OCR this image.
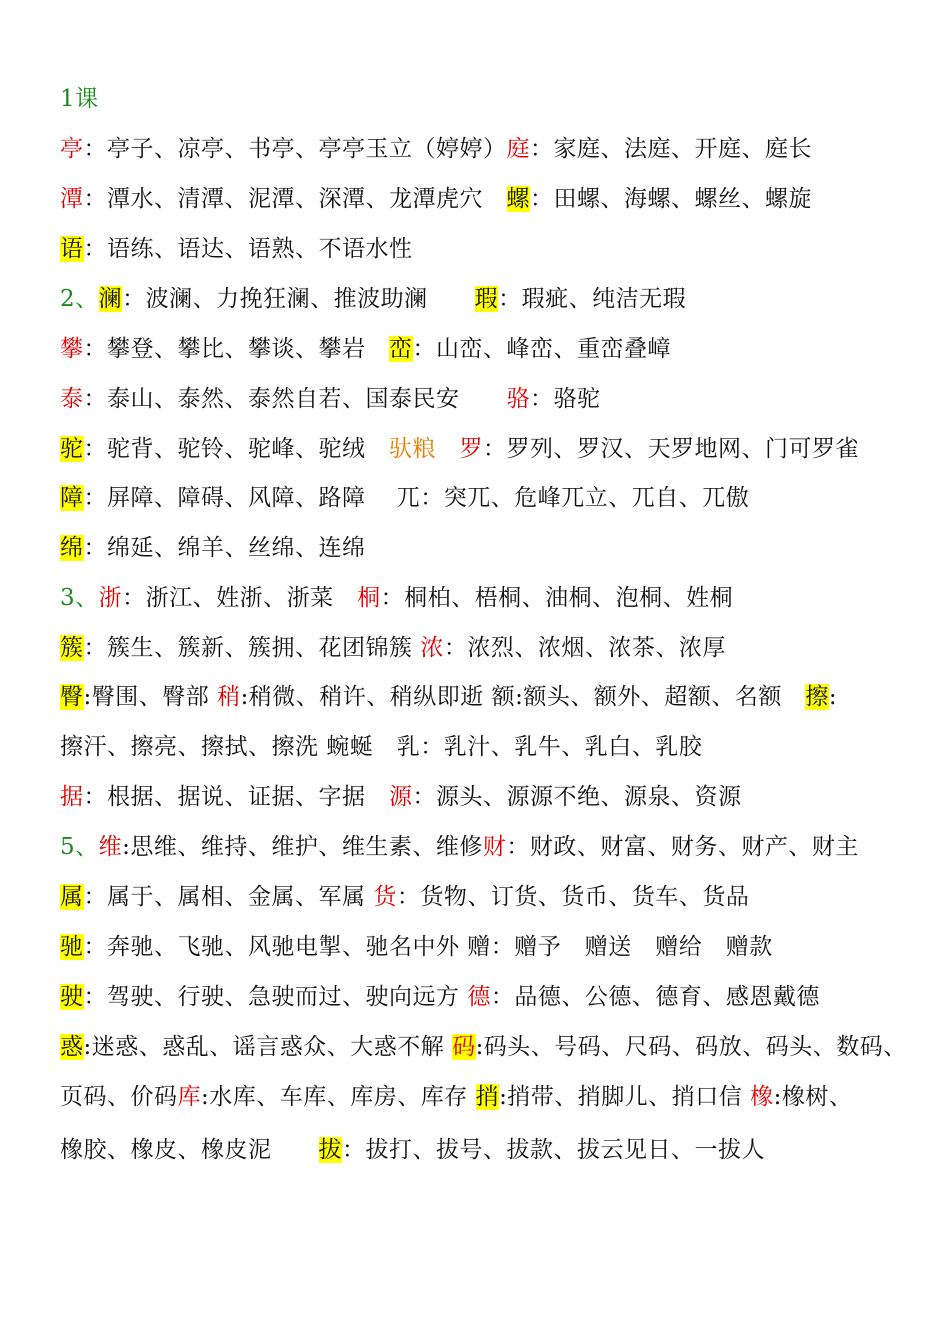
1课
亭：亭子、凉亭、书亭、亭亭玉立（婷婷）庭：家庭、法庭、开庭、庭长
潭：潭水、清潭、泥潭、深潭、龙潭虎穴　螺：田螺、海螺、螺丝、螺旋
语：语练、语达、语熟、不语水性
2、澜：波澜、力挽狂澜、推波助澜　　瑕：瑕疵、纯洁无瑕
攀：攀登、攀比、攀谈、攀岩　峦：山峦、峰峦、重峦叠嶂
泰：泰山、泰然、泰然自若、国泰民安　　骆：骆驼
驼：驼背、驼铃、驼峰、驼绒　驮粮　 罗：罗列、罗汉、天罗地网、门可罗雀
障：屏障、障碍、风障、路障　 兀：突兀、危峰兀立、兀自、兀傲
绵：绵延、绵羊、丝绵、连绵
3、浙：浙江、姓浙、浙菜　桐：桐柏、梧桐、油桐、泡桐、姓桐
簇：簇生、簇新、簇拥、花团锦簇 浓：浓烈、浓烟、浓茶、浓厚
臀:臀围、臀部 稍:稍微、稍许、稍纵即逝 额:额头、额外、超额、名额　擦:
擦汗、擦亮、擦拭、擦洗 蜿蜒　乳：乳汁、乳牛、乳白、乳胶
据：根据、据说、证据、字据　源：源头、源源不绝、源泉、资源
5、维:思维、维持、维护、维生素、维修财：财政、财富、财务、财产、财主
属：属于、属相、金属、军属 货：货物、订货、货币、货车、货品
驰：奔驰、飞驰、风驰电掣、驰名中外 赠：赠予　赠送　赠给　赠款
驶：驾驶、行驶、急驶而过、驶向远方 德：品德、公德、德育、感恩戴德
惑:迷惑、惑乱、谣言惑众、大惑不解 码:码头、号码、尺码、码放、码头、数码、
页码、价码库:水库、车库、库房、库存 捎:捎带、捎脚儿、捎口信 橡:橡树、
橡胶、橡皮、橡皮泥　　拔：拔打、拔号、拔款、拔云见日、一拔人
